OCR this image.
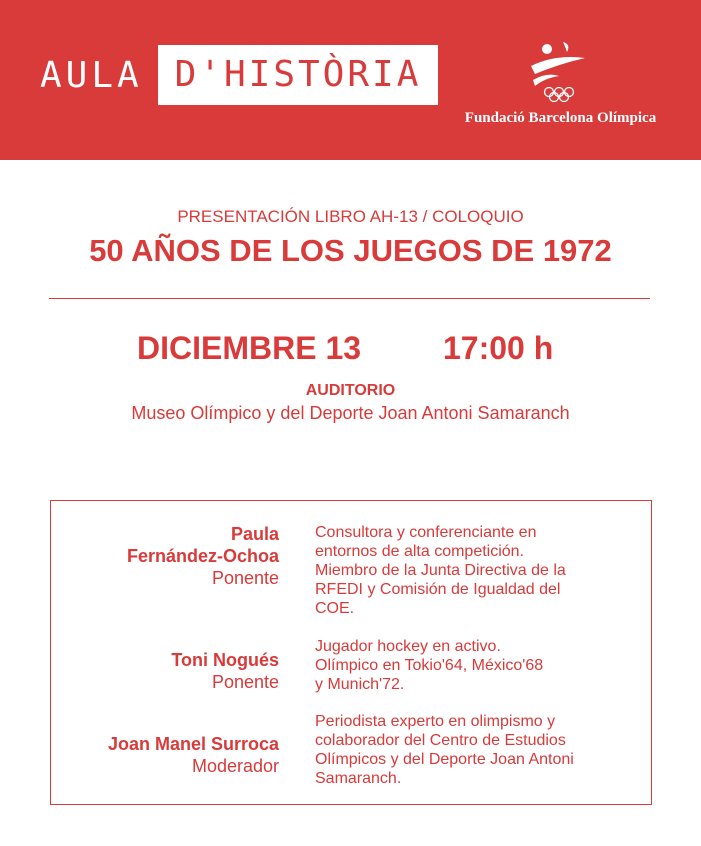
AULA D'HISTÒRIA
Fundació Barcelona Olímpica
PRESENTACIÓN LIBRO AH-13 / COLOQUIO
50 AÑOS DE LOS JUEGOS DE 1972
DICIEMBRE 13	17:00 h
AUDITORIO
Museo Olímpico y del Deporte Joan Antoni Samaranch
Paula
Fernández-Ochoa
Ponente
Consultora y conferenciante en
entornos de alta competición.
Miembro de la Junta Directiva de la
RFEDI y Comisión de Igualdad del
COE.
Toni Nogués
Ponente
Jugador hockey en activo.
Olímpico en Tokio'64, México'68
y Munich'72.
Joan Manel Surroca
Moderador
Periodista experto en olimpismo y
colaborador del Centro de Estudios
Olímpicos y del Deporte Joan Antoni
Samaranch.
